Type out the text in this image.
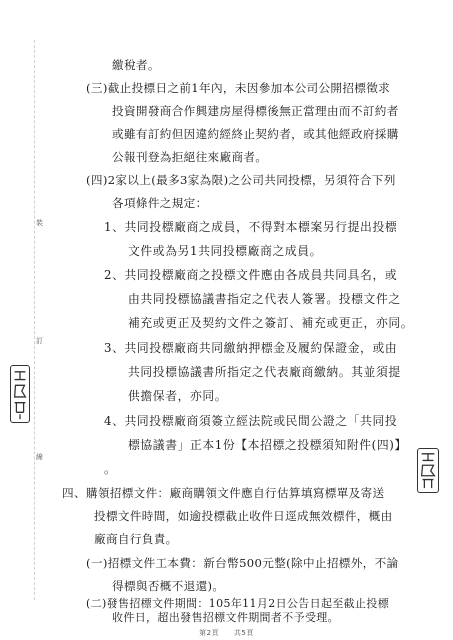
裝
訂
線
繳稅者。
(三)截止投標日之前1年內，未因參加本公司公開招標徵求
投資開發商合作興建房屋得標後無正當理由而不訂約者
或雖有訂約但因違約經終止契約者，或其他經政府採購
公報刊登為拒絕往來廠商者。
(四)2家以上(最多3家為限)之公司共同投標，另須符合下列
各項條件之規定：
1、共同投標廠商之成員，不得對本標案另行提出投標
文件或為另1共同投標廠商之成員。
2、共同投標廠商之投標文件應由各成員共同具名，或
由共同投標協議書指定之代表人簽署。投標文件之
補充或更正及契約文件之簽訂、補充或更正，亦同。
3、共同投標廠商共同繳納押標金及履約保證金，或由
共同投標協議書所指定之代表廠商繳納。其並須提
供擔保者，亦同。
4、共同投標廠商須簽立經法院或民間公證之「共同投
標協議書」正本1份【本招標之投標須知附件(四)】
。
四、購領招標文件：廠商購領文件應自行估算填寫標單及寄送
投標文件時間，如逾投標截止收件日逕成無效標件，概由
廠商自行負責。
(一)招標文件工本費：新台幣500元整(除中止招標外，不論
得標與否概不退還)。
(二)發售招標文件期間：105年11月2日公告日起至截止投標
收件日，超出發售招標文件期間者不予受理。
第2頁 共5頁
